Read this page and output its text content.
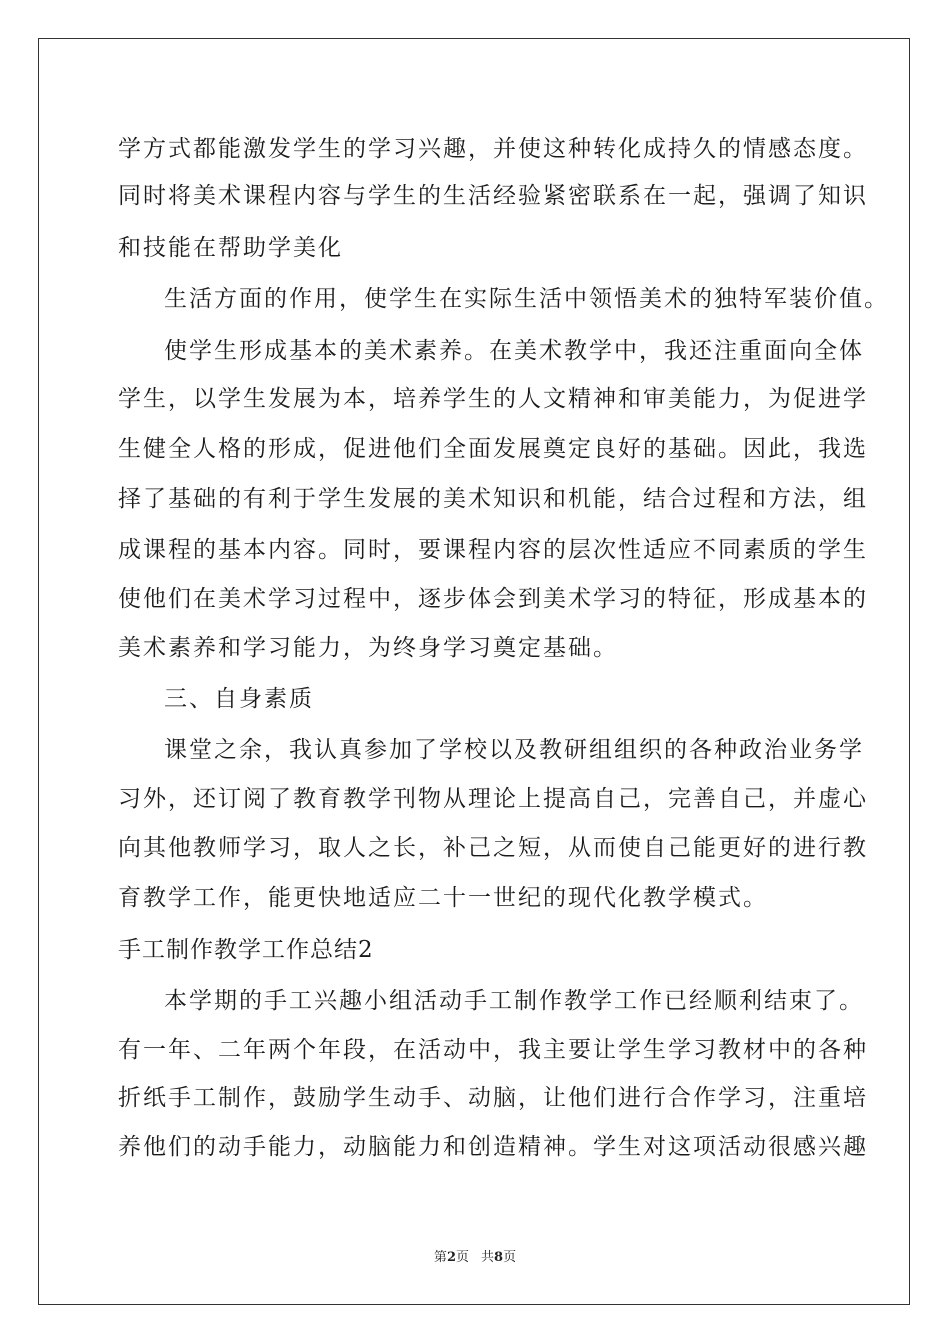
学方式都能激发学生的学习兴趣，并使这种转化成持久的情感态度。
同时将美术课程内容与学生的生活经验紧密联系在一起，强调了知识
和技能在帮助学美化
生活方面的作用，使学生在实际生活中领悟美术的独特军装价值。
使学生形成基本的美术素养。在美术教学中，我还注重面向全体
学生，以学生发展为本，培养学生的人文精神和审美能力，为促进学
生健全人格的形成，促进他们全面发展奠定良好的基础。因此，我选
择了基础的有利于学生发展的美术知识和机能，结合过程和方法，组
成课程的基本内容。同时，要课程内容的层次性适应不同素质的学生
使他们在美术学习过程中，逐步体会到美术学习的特征，形成基本的
美术素养和学习能力，为终身学习奠定基础。
三、自身素质
课堂之余，我认真参加了学校以及教研组组织的各种政治业务学
习外，还订阅了教育教学刊物从理论上提高自己，完善自己，并虚心
向其他教师学习，取人之长，补己之短，从而使自己能更好的进行教
育教学工作，能更快地适应二十一世纪的现代化教学模式。
手工制作教学工作总结2
本学期的手工兴趣小组活动手工制作教学工作已经顺利结束了。
有一年、二年两个年段，在活动中，我主要让学生学习教材中的各种
折纸手工制作，鼓励学生动手、动脑，让他们进行合作学习，注重培
养他们的动手能力，动脑能力和创造精神。学生对这项活动很感兴趣
第2页 共8页
